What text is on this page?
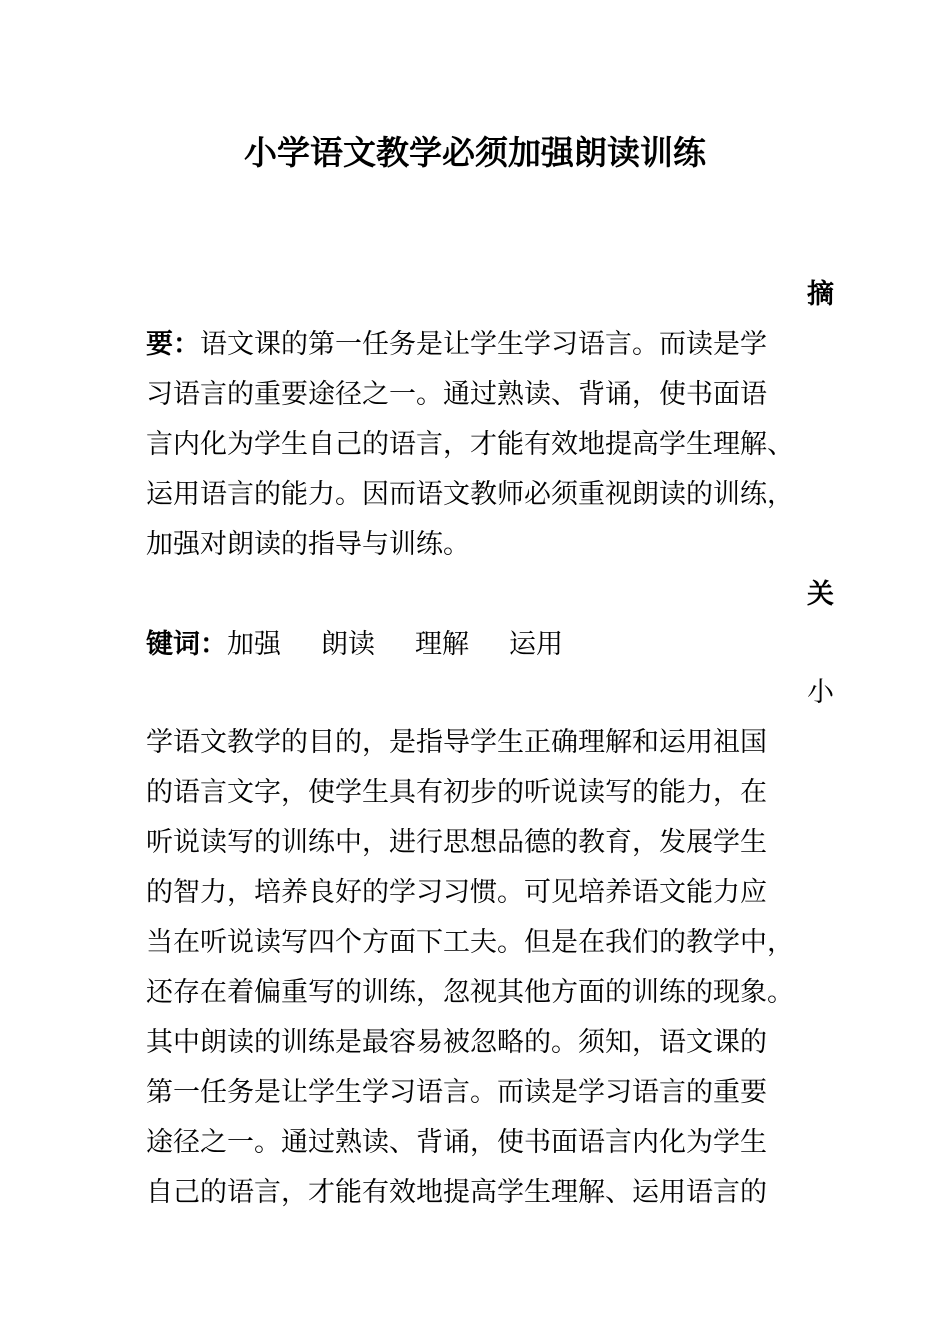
小学语文教学必须加强朗读训练
摘
要：语文课的第一任务是让学生学习语言。而读是学
习语言的重要途径之一。通过熟读、背诵，使书面语
言内化为学生自己的语言，才能有效地提高学生理解、
运用语言的能力。因而语文教师必须重视朗读的训练，
加强对朗读的指导与训练。
关
键词：加强 朗读 理解 运用
小
学语文教学的目的，是指导学生正确理解和运用祖国
的语言文字，使学生具有初步的听说读写的能力，在
听说读写的训练中，进行思想品德的教育，发展学生
的智力，培养良好的学习习惯。可见培养语文能力应
当在听说读写四个方面下工夫。但是在我们的教学中，
还存在着偏重写的训练，忽视其他方面的训练的现象。
其中朗读的训练是最容易被忽略的。须知，语文课的
第一任务是让学生学习语言。而读是学习语言的重要
途径之一。通过熟读、背诵，使书面语言内化为学生
自己的语言，才能有效地提高学生理解、运用语言的
